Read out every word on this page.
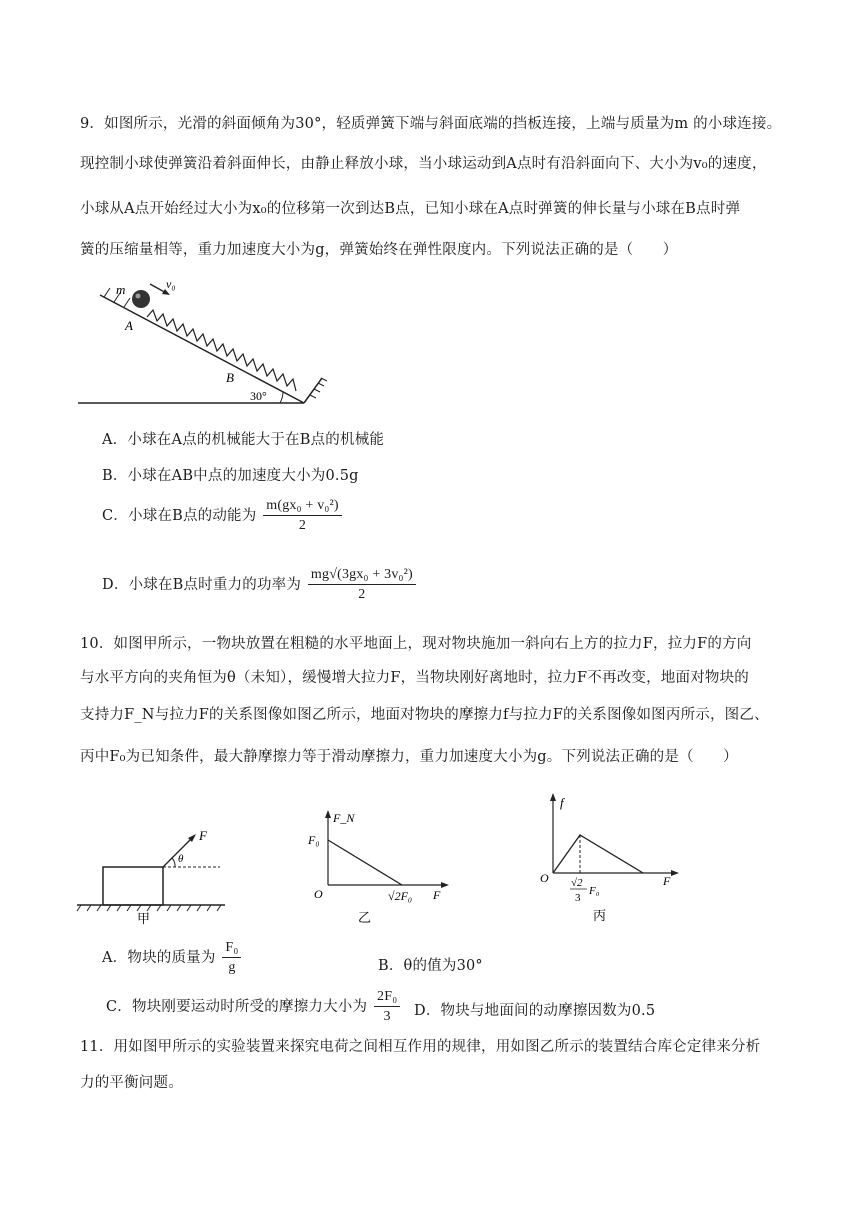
9．如图所示，光滑的斜面倾角为30°，轻质弹簧下端与斜面底端的挡板连接，上端与质量为m 的小球连接。
现控制小球使弹簧沿着斜面伸长，由静止释放小球，当小球运动到A点时有沿斜面向下、大小为v₀的速度，
小球从A点开始经过大小为x₀的位移第一次到达B点，已知小球在A点时弹簧的伸长量与小球在B点时弹
簧的压缩量相等，重力加速度大小为g，弹簧始终在弹性限度内。下列说法正确的是（　　）
m	v₀
A
B
30°
A．小球在A点的机械能大于在B点的机械能
B．小球在AB中点的加速度大小为0.5g
C．小球在B点的动能为 $\frac{\text{m(gx₀ + v₀²)}}{2}$
D．小球在B点时重力的功率为 $\frac{\text{mg√(3gx₀ + 3v₀²)}}{2}$
10．如图甲所示，一物块放置在粗糙的水平地面上，现对物块施加一斜向右上方的拉力F，拉力F的方向
与水平方向的夹角恒为θ（未知），缓慢增大拉力F，当物块刚好离地时，拉力F不再改变，地面对物块的
支持力F_N与拉力F的关系图像如图乙所示，地面对物块的摩擦力f与拉力F的关系图像如图丙所示，图乙、
丙中F₀为已知条件，最大静摩擦力等于滑动摩擦力，重力加速度大小为g。下列说法正确的是（　　）
F
θ
甲
F_N
F₀
O	F
√2F₀
乙
f
O	F
√2
3
F₀
丙
A．物块的质量为 $\frac{\text{F₀}}{g}$	B．θ的值为30°
C．物块刚要运动时所受的摩擦力大小为 $\frac{\text{2F₀}}{3}$ D．物块与地面间的动摩擦因数为0.5
11．用如图甲所示的实验装置来探究电荷之间相互作用的规律，用如图乙所示的装置结合库仑定律来分析
力的平衡问题。
